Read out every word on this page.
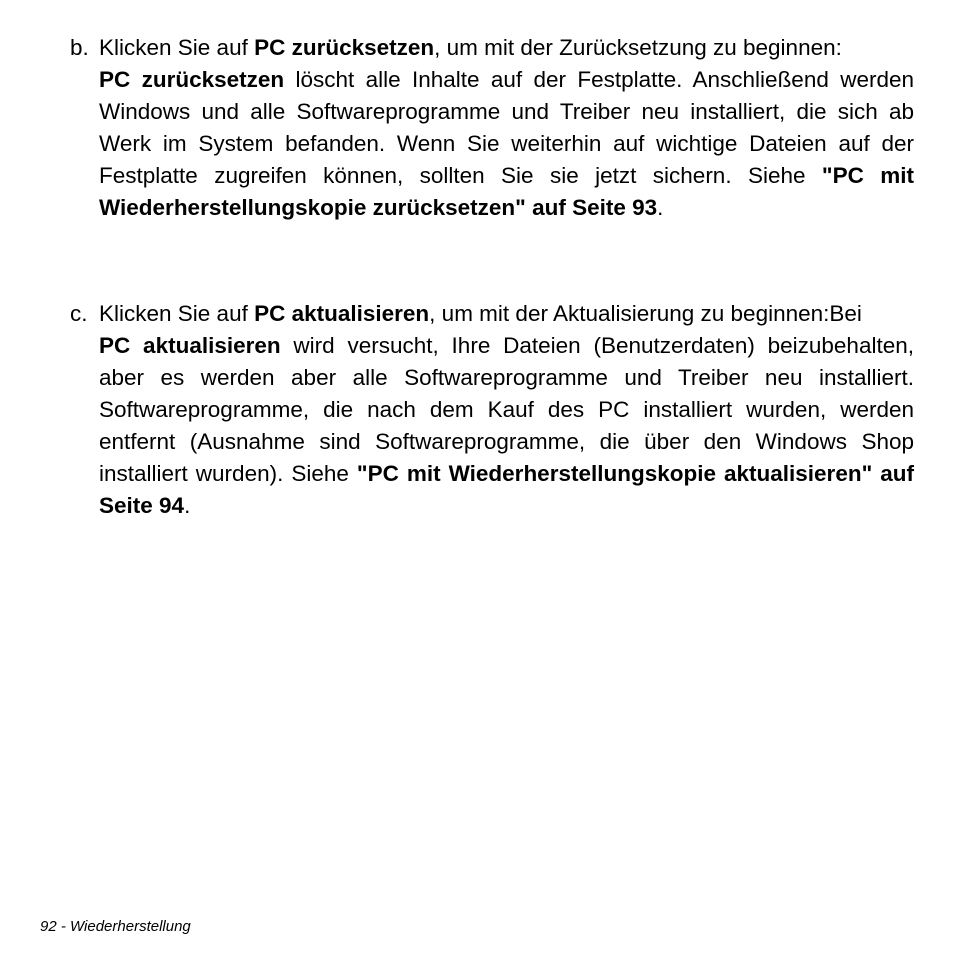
b. Klicken Sie auf PC zurücksetzen, um mit der Zurücksetzung zu beginnen:

PC zurücksetzen löscht alle Inhalte auf der Festplatte. Anschließend werden Windows und alle Softwareprogramme und Treiber neu installiert, die sich ab Werk im System befanden. Wenn Sie weiterhin auf wichtige Dateien auf der Festplatte zugreifen können, sollten Sie sie jetzt sichern. Siehe "PC mit Wiederherstellungskopie zurücksetzen" auf Seite 93.

c. Klicken Sie auf PC aktualisieren, um mit der Aktualisierung zu beginnen:Bei

PC aktualisieren wird versucht, Ihre Dateien (Benutzerdaten) beizubehalten, aber es werden aber alle Softwareprogramme und Treiber neu installiert. Softwareprogramme, die nach dem Kauf des PC installiert wurden, werden entfernt (Ausnahme sind Softwareprogramme, die über den Windows Shop installiert wurden). Siehe "PC mit Wiederherstellungskopie aktualisieren" auf Seite 94.

92 - Wiederherstellung
